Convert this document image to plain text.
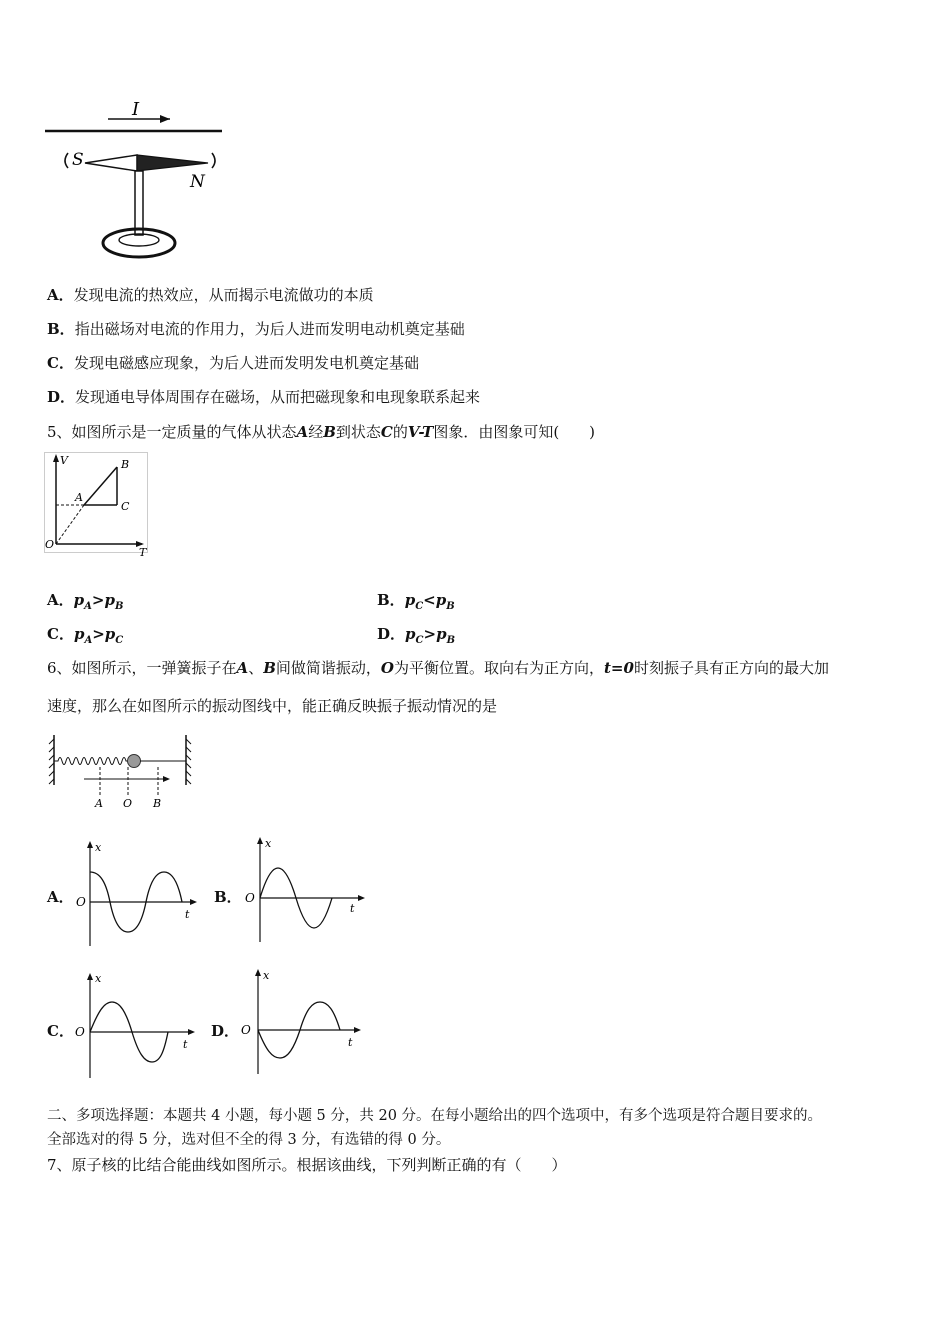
I
S
N
A．发现电流的热效应，从而揭示电流做功的本质
B．指出磁场对电流的作用力，为后人进而发明电动机奠定基础
C．发现电磁感应现象，为后人进而发明发电机奠定基础
D．发现通电导体周围存在磁场，从而把磁现象和电现象联系起来
5、如图所示是一定质量的气体从状态A经B到状态C的V-T图象．由图象可知(　　)
V
T
O
A
B
C
A．$p_A>p_B$	B．$p_C<p_B$
C．$p_A>p_C$	D．$p_C>p_B$
6、如图所示，一弹簧振子在A、B间做简谐振动，O为平衡位置。取向右为正方向，t=0时刻振子具有正方向的最大加
速度，那么在如图所示的振动图线中，能正确反映振子振动情况的是
A O B
A．
x
O
t
B．
x
O
t
C．
x
O
t
D．
x
O
t
二、多项选择题：本题共 4 小题，每小题 5 分，共 20 分。在每小题给出的四个选项中，有多个选项是符合题目要求的。
全部选对的得 5 分，选对但不全的得 3 分，有选错的得 0 分。
7、原子核的比结合能曲线如图所示。根据该曲线，下列判断正确的有（　　）
